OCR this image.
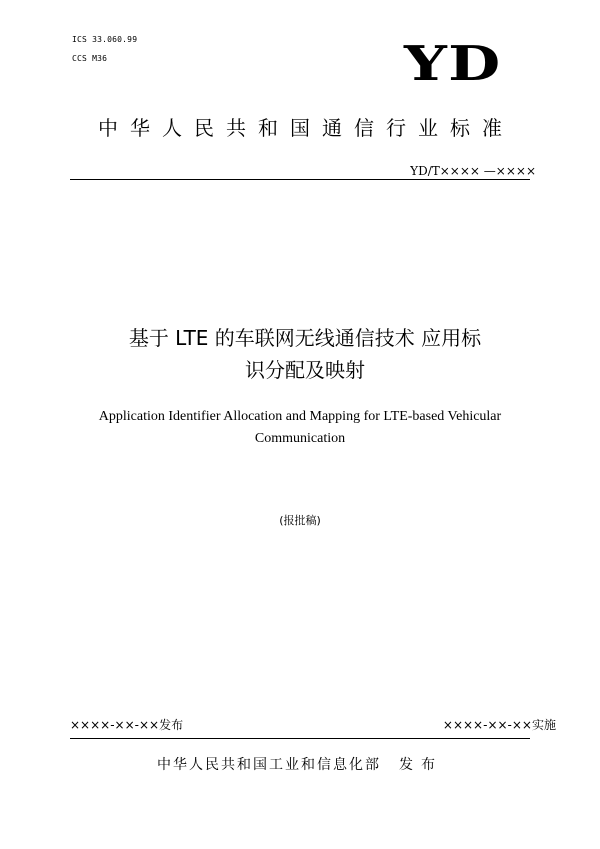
ICS 33.060.99
CCS M36	YD
中华人民共和国通信行业标准
YD/T×××× —××××
基于 LTE 的车联网无线通信技术 应用标
识分配及映射
Application Identifier Allocation and Mapping for LTE-based Vehicular
Communication
(报批稿)
××××-××-××发布	××××-××-××实施
中华人民共和国工业和信息化部 发布
